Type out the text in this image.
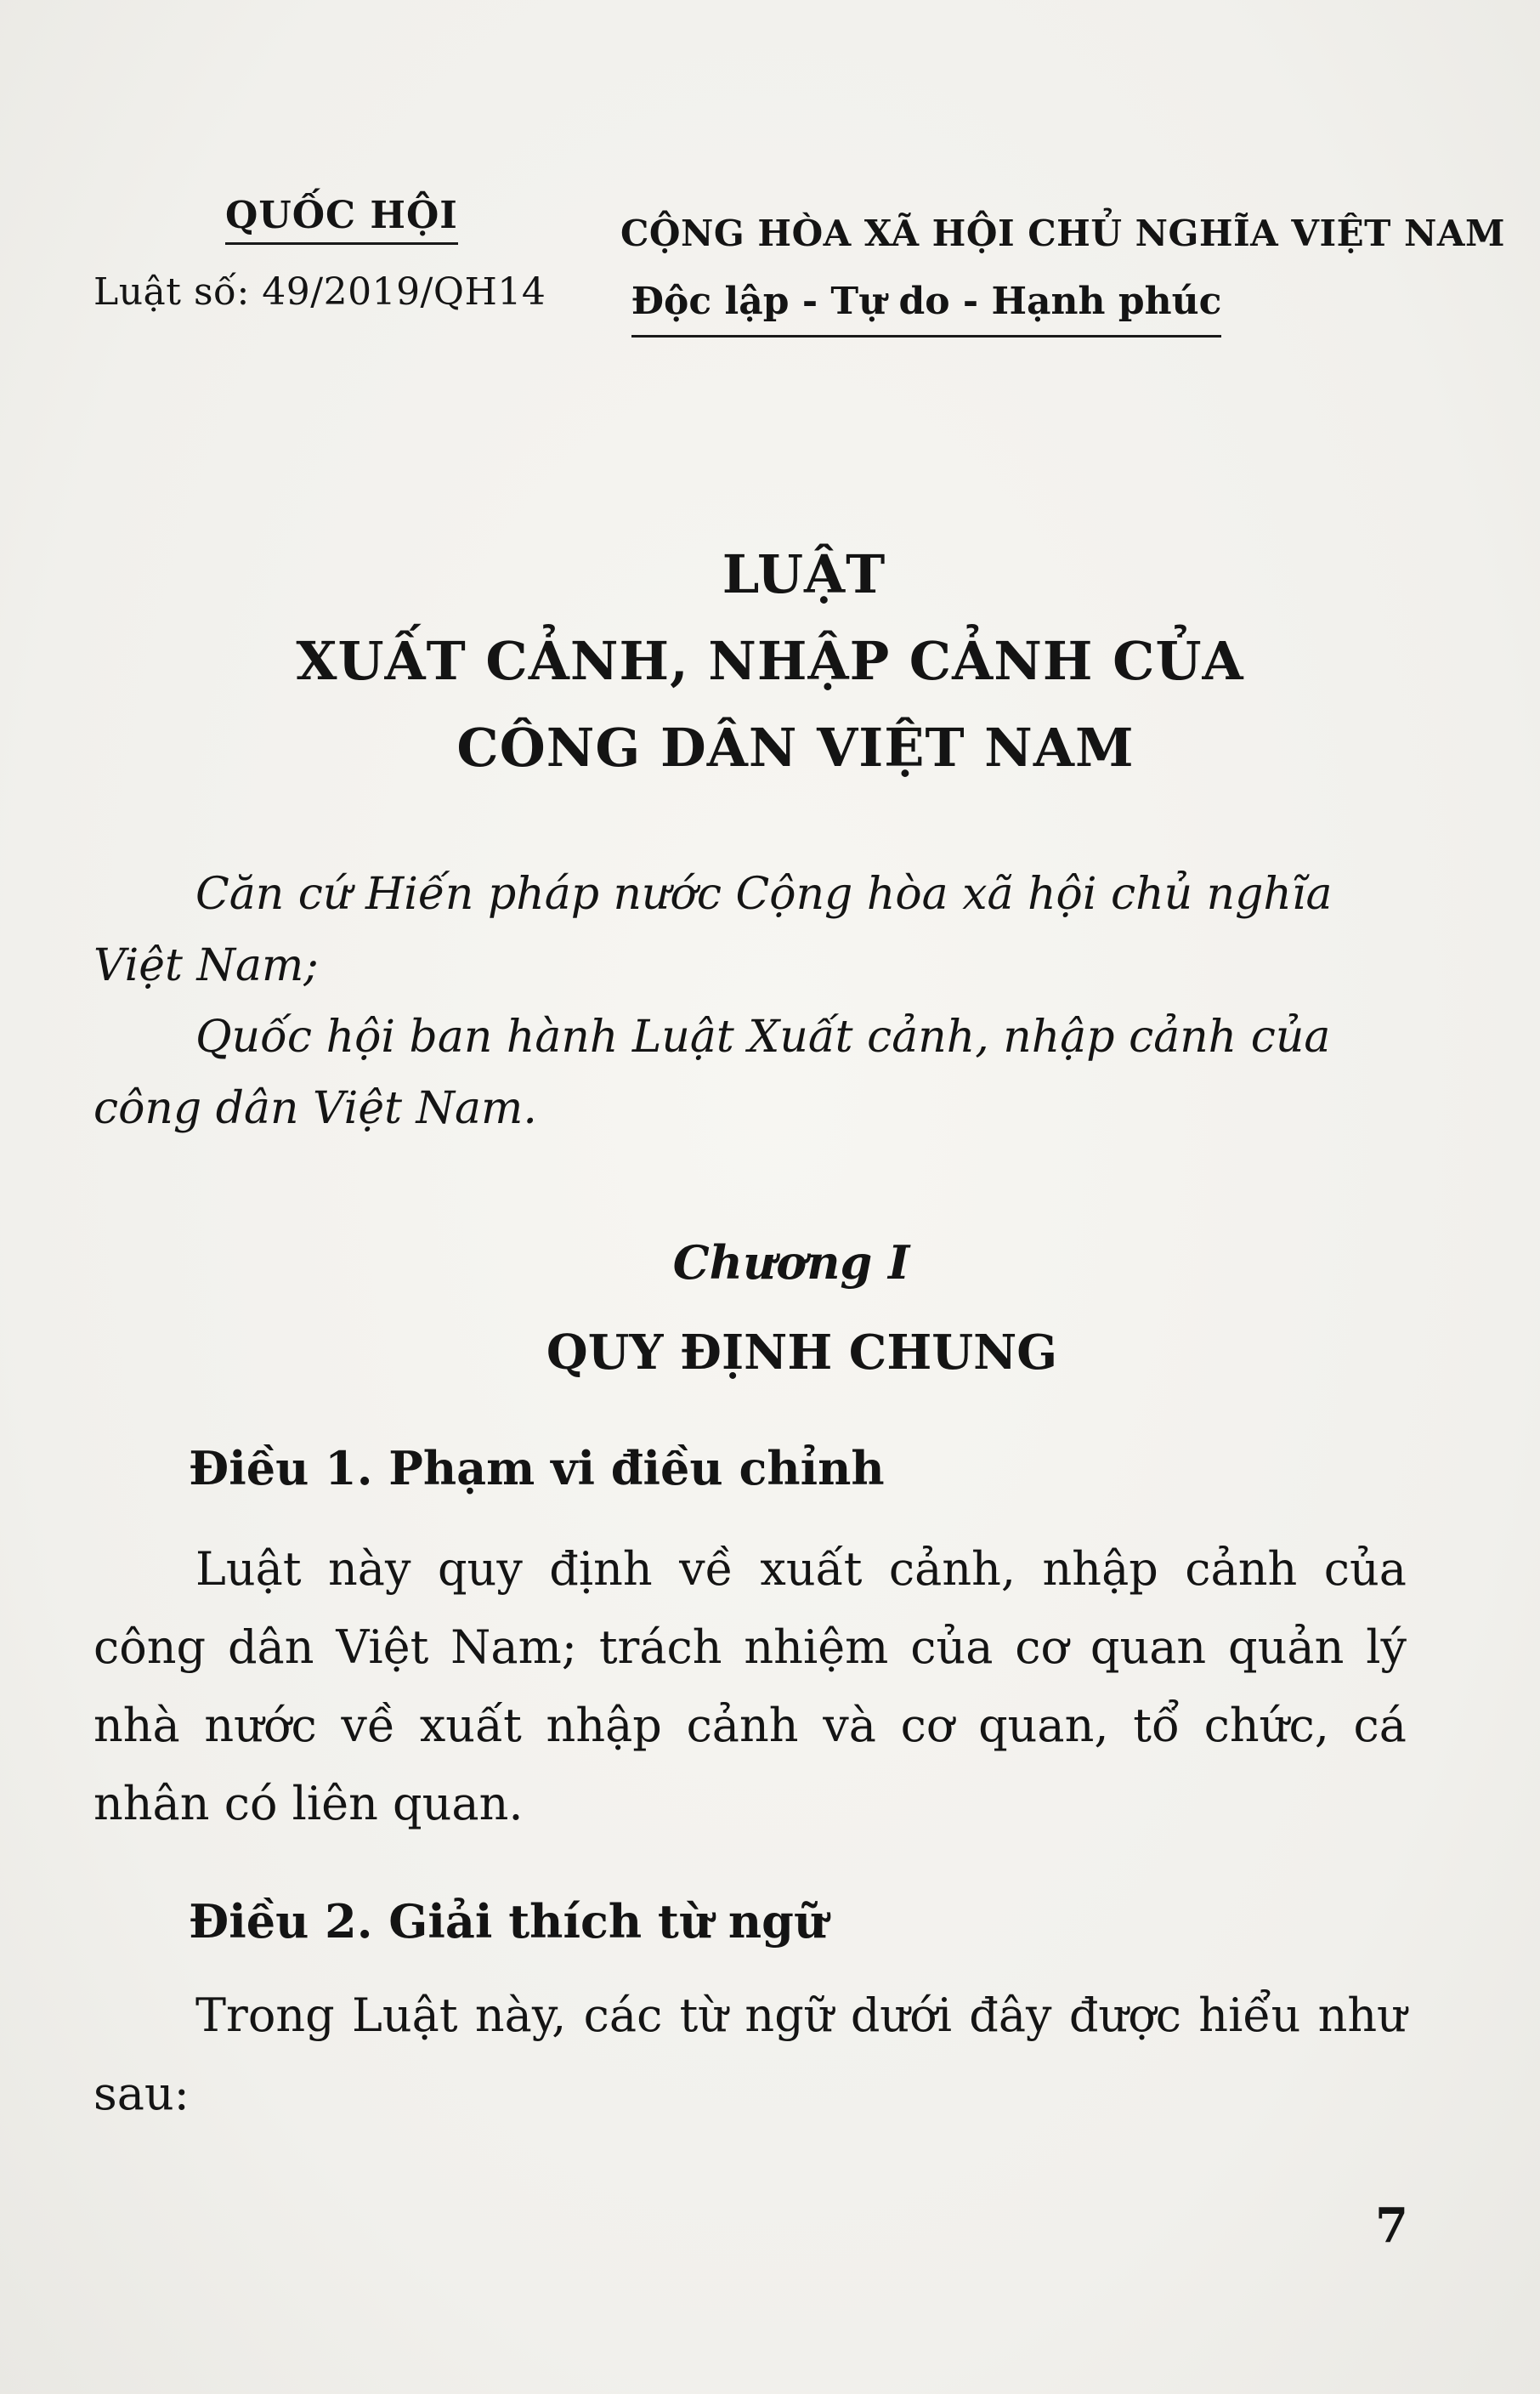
QUỐC HỘI
Luật số: 49/2019/QH14
CỘNG HÒA XÃ HỘI CHỦ NGHĨA VIỆT NAM
Độc lập - Tự do - Hạnh phúc
LUẬT
XUẤT CẢNH, NHẬP CẢNH CỦA
CÔNG DÂN VIỆT NAM

Căn cứ Hiến pháp nước Cộng hòa xã hội chủ nghĩa Việt Nam;

Quốc hội ban hành Luật Xuất cảnh, nhập cảnh của công dân Việt Nam.

Chương I
QUY ĐỊNH CHUNG
Điều 1. Phạm vi điều chỉnh

Luật này quy định về xuất cảnh, nhập cảnh của công dân Việt Nam; trách nhiệm của cơ quan quản lý nhà nước về xuất nhập cảnh và cơ quan, tổ chức, cá nhân có liên quan.

Điều 2. Giải thích từ ngữ

Trong Luật này, các từ ngữ dưới đây được hiểu như sau:

7
